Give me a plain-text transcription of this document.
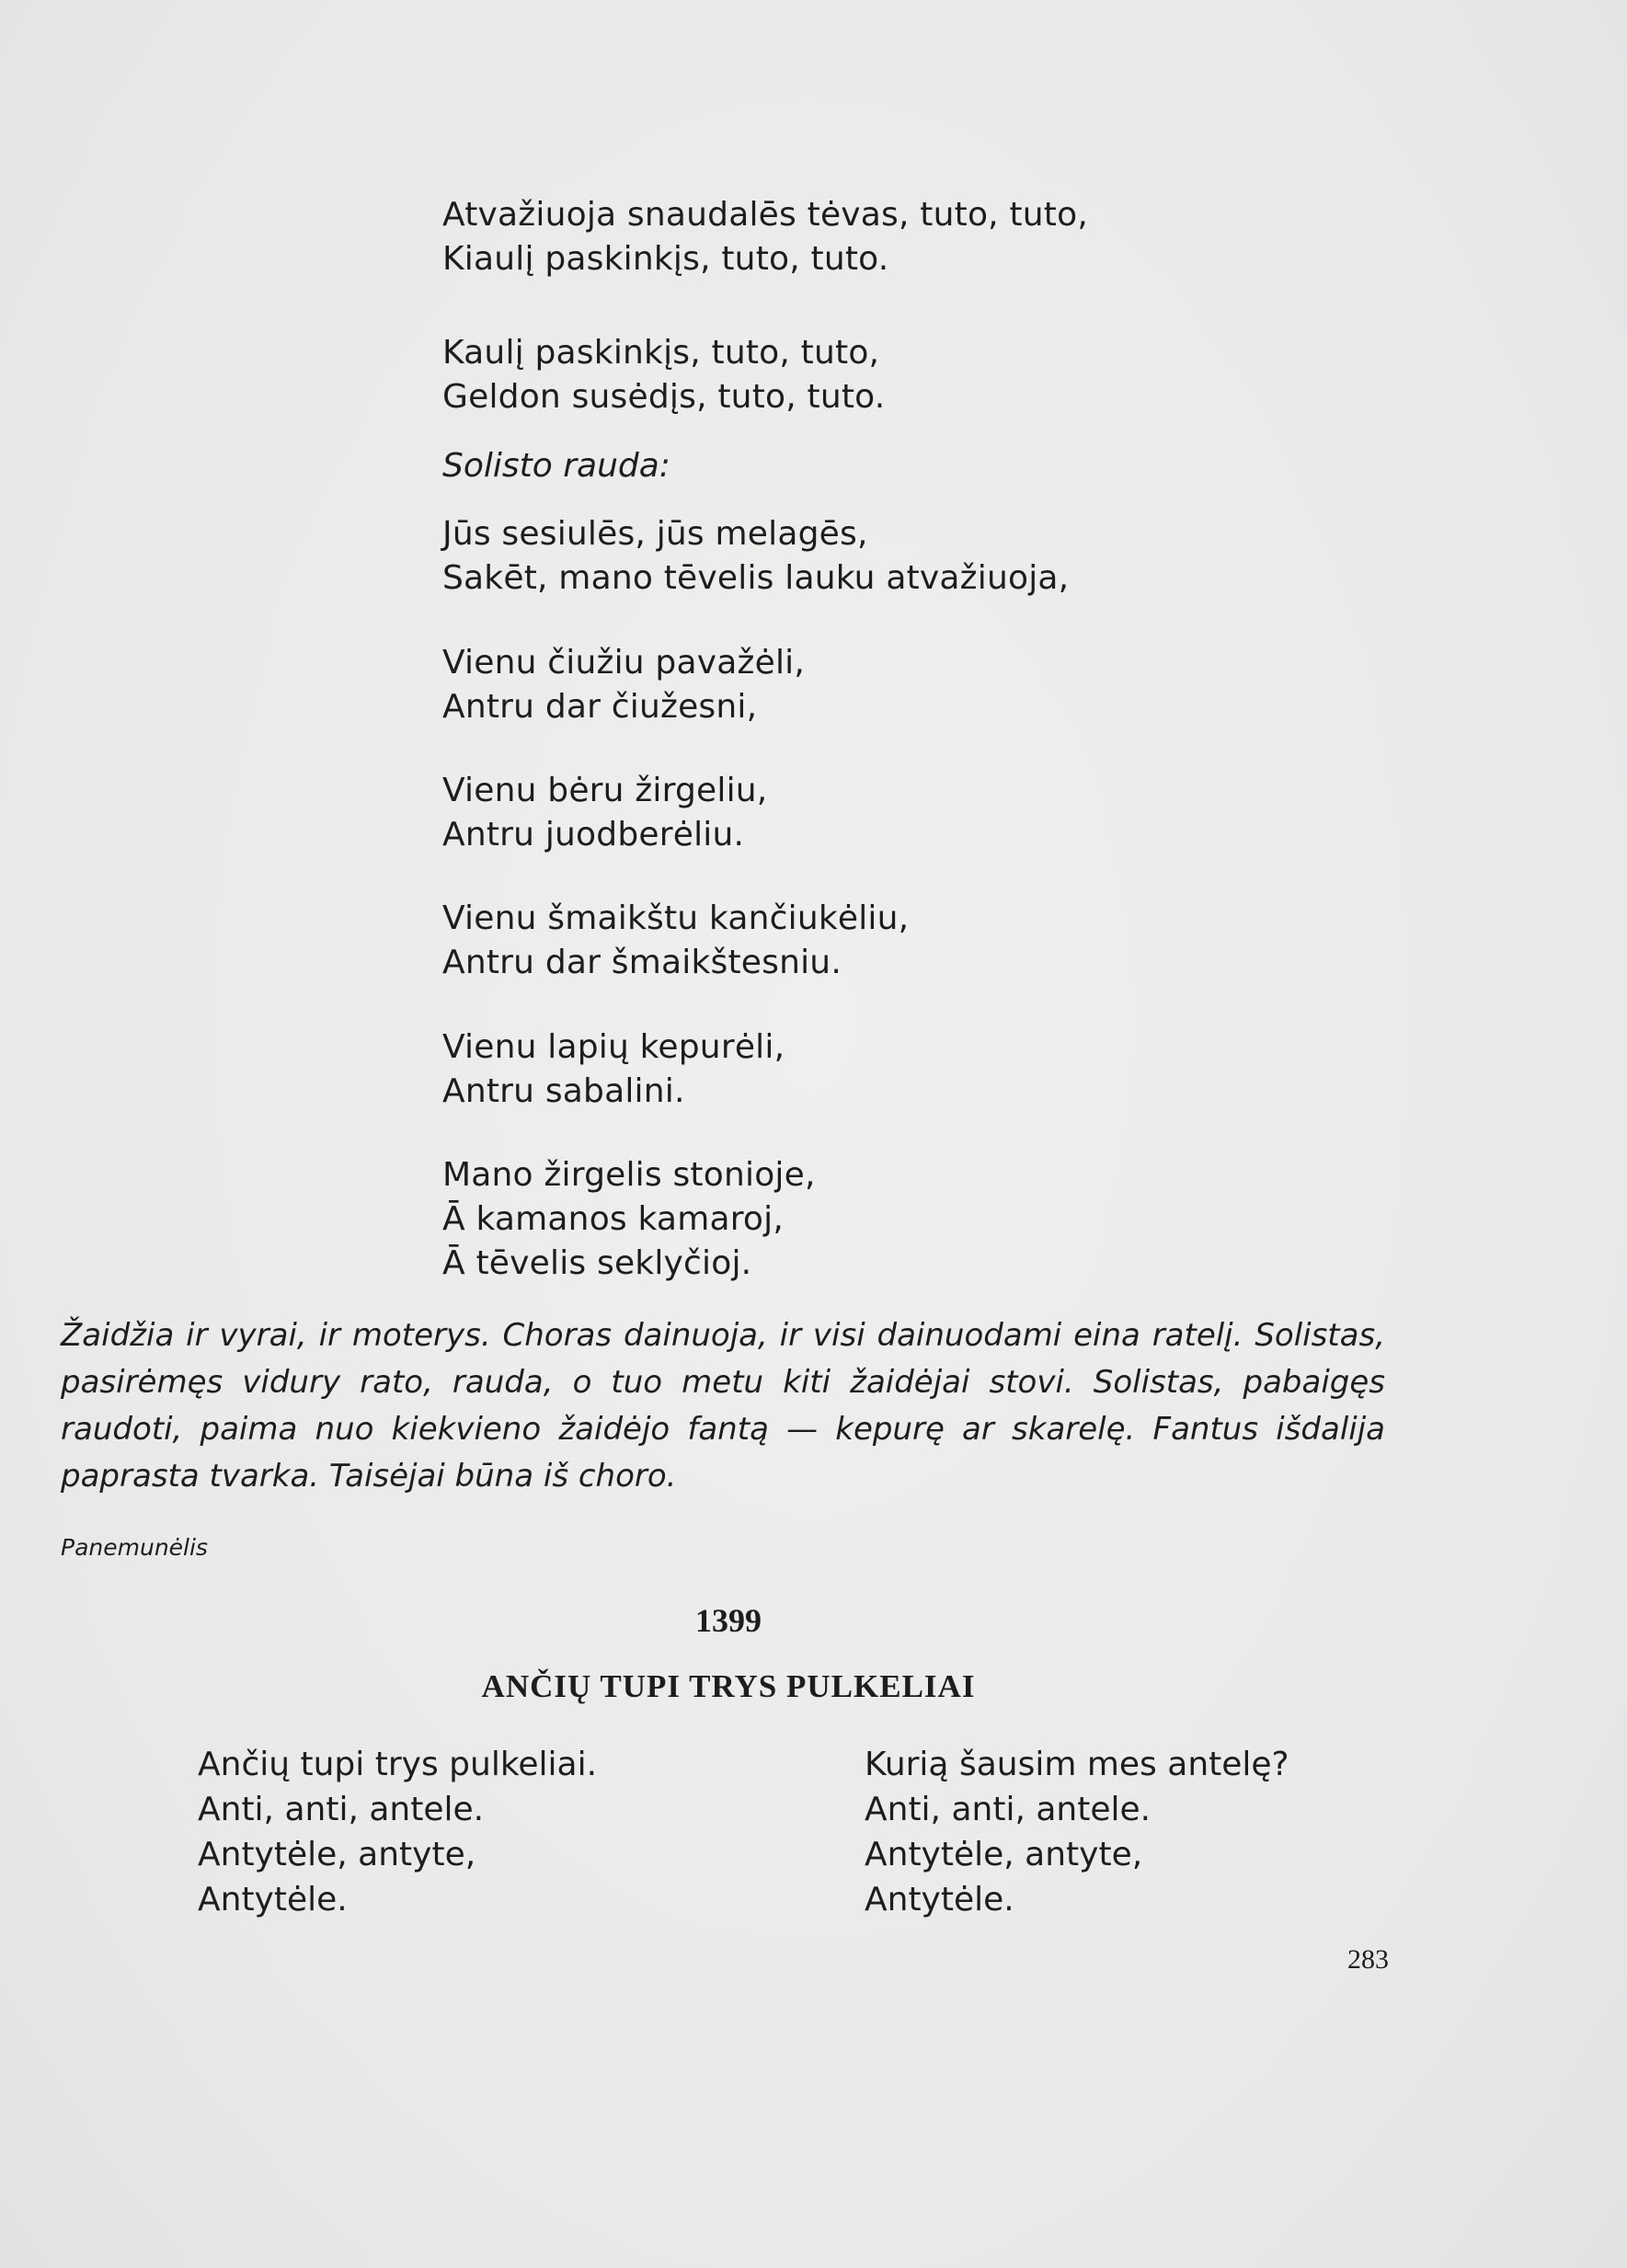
Atvažiuoja snaudalēs tėvas, tuto, tuto,
Kiaulį paskinkįs, tuto, tuto.
Kaulį paskinkįs, tuto, tuto,
Geldon susėdįs, tuto, tuto.
Solisto rauda:
Jūs sesiulēs, jūs melagēs,
Sakēt, mano tēvelis lauku atvažiuoja,
Vienu čiužiu pavažėli,
Antru dar čiužesni,
Vienu bėru žirgeliu,
Antru juodberėliu.
Vienu šmaikštu kančiukėliu,
Antru dar šmaikštesniu.
Vienu lapių kepurėli,
Antru sabalini.
Mano žirgelis stonioje,
Ā kamanos kamaroj,
Ā tēvelis seklyčioj.
Žaidžia ir vyrai, ir moterys. Choras dainuoja, ir visi dainuodami eina ratelį. Solistas, pasirėmęs vidury rato, rauda, o tuo metu kiti žaidėjai stovi. Solistas, pabaigęs raudoti, paima nuo kiekvieno žaidėjo fantą — kepurę ar skarelę. Fantus išdalija paprasta tvarka. Taisėjai būna iš choro.
Panemunėlis
1399
ANČIŲ TUPI TRYS PULKELIAI
Ančių tupi trys pulkeliai.
Anti, anti, antele.
Antytėle, antyte,
Antytėle.
Kurią šausim mes antelę?
Anti, anti, antele.
Antytėle, antyte,
Antytėle.
283
